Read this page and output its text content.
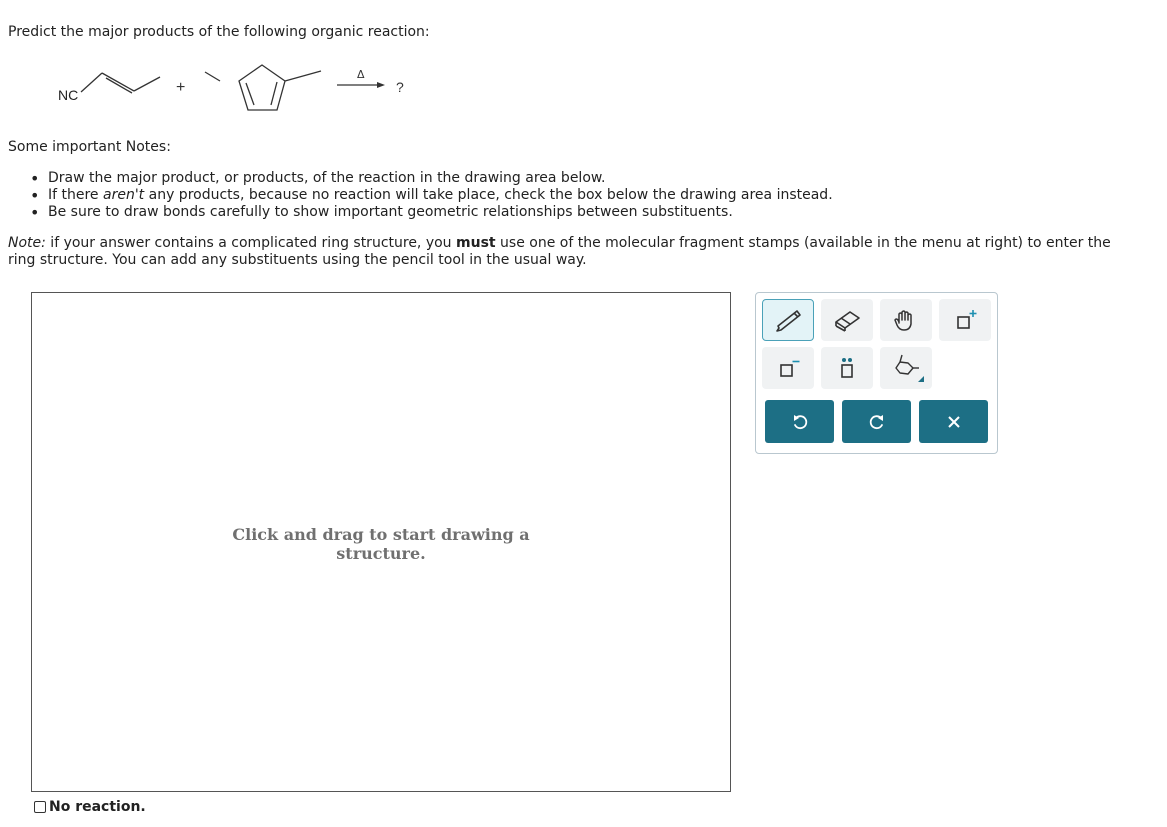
Predict the major products of the following organic reaction:
NC	+
Δ
?
Some important Notes:
• Draw the major product, or products, of the reaction in the drawing area below.
• If there aren't any products, because no reaction will take place, check the box below the drawing area instead.
• Be sure to draw bonds carefully to show important geometric relationships between substituents.
Note: if your answer contains a complicated ring structure, you must use one of the molecular fragment stamps (available in the menu at right) to enter the ring structure. You can add any substituents using the pencil tool in the usual way.
Click and drag to start drawing a
structure.
No reaction.
